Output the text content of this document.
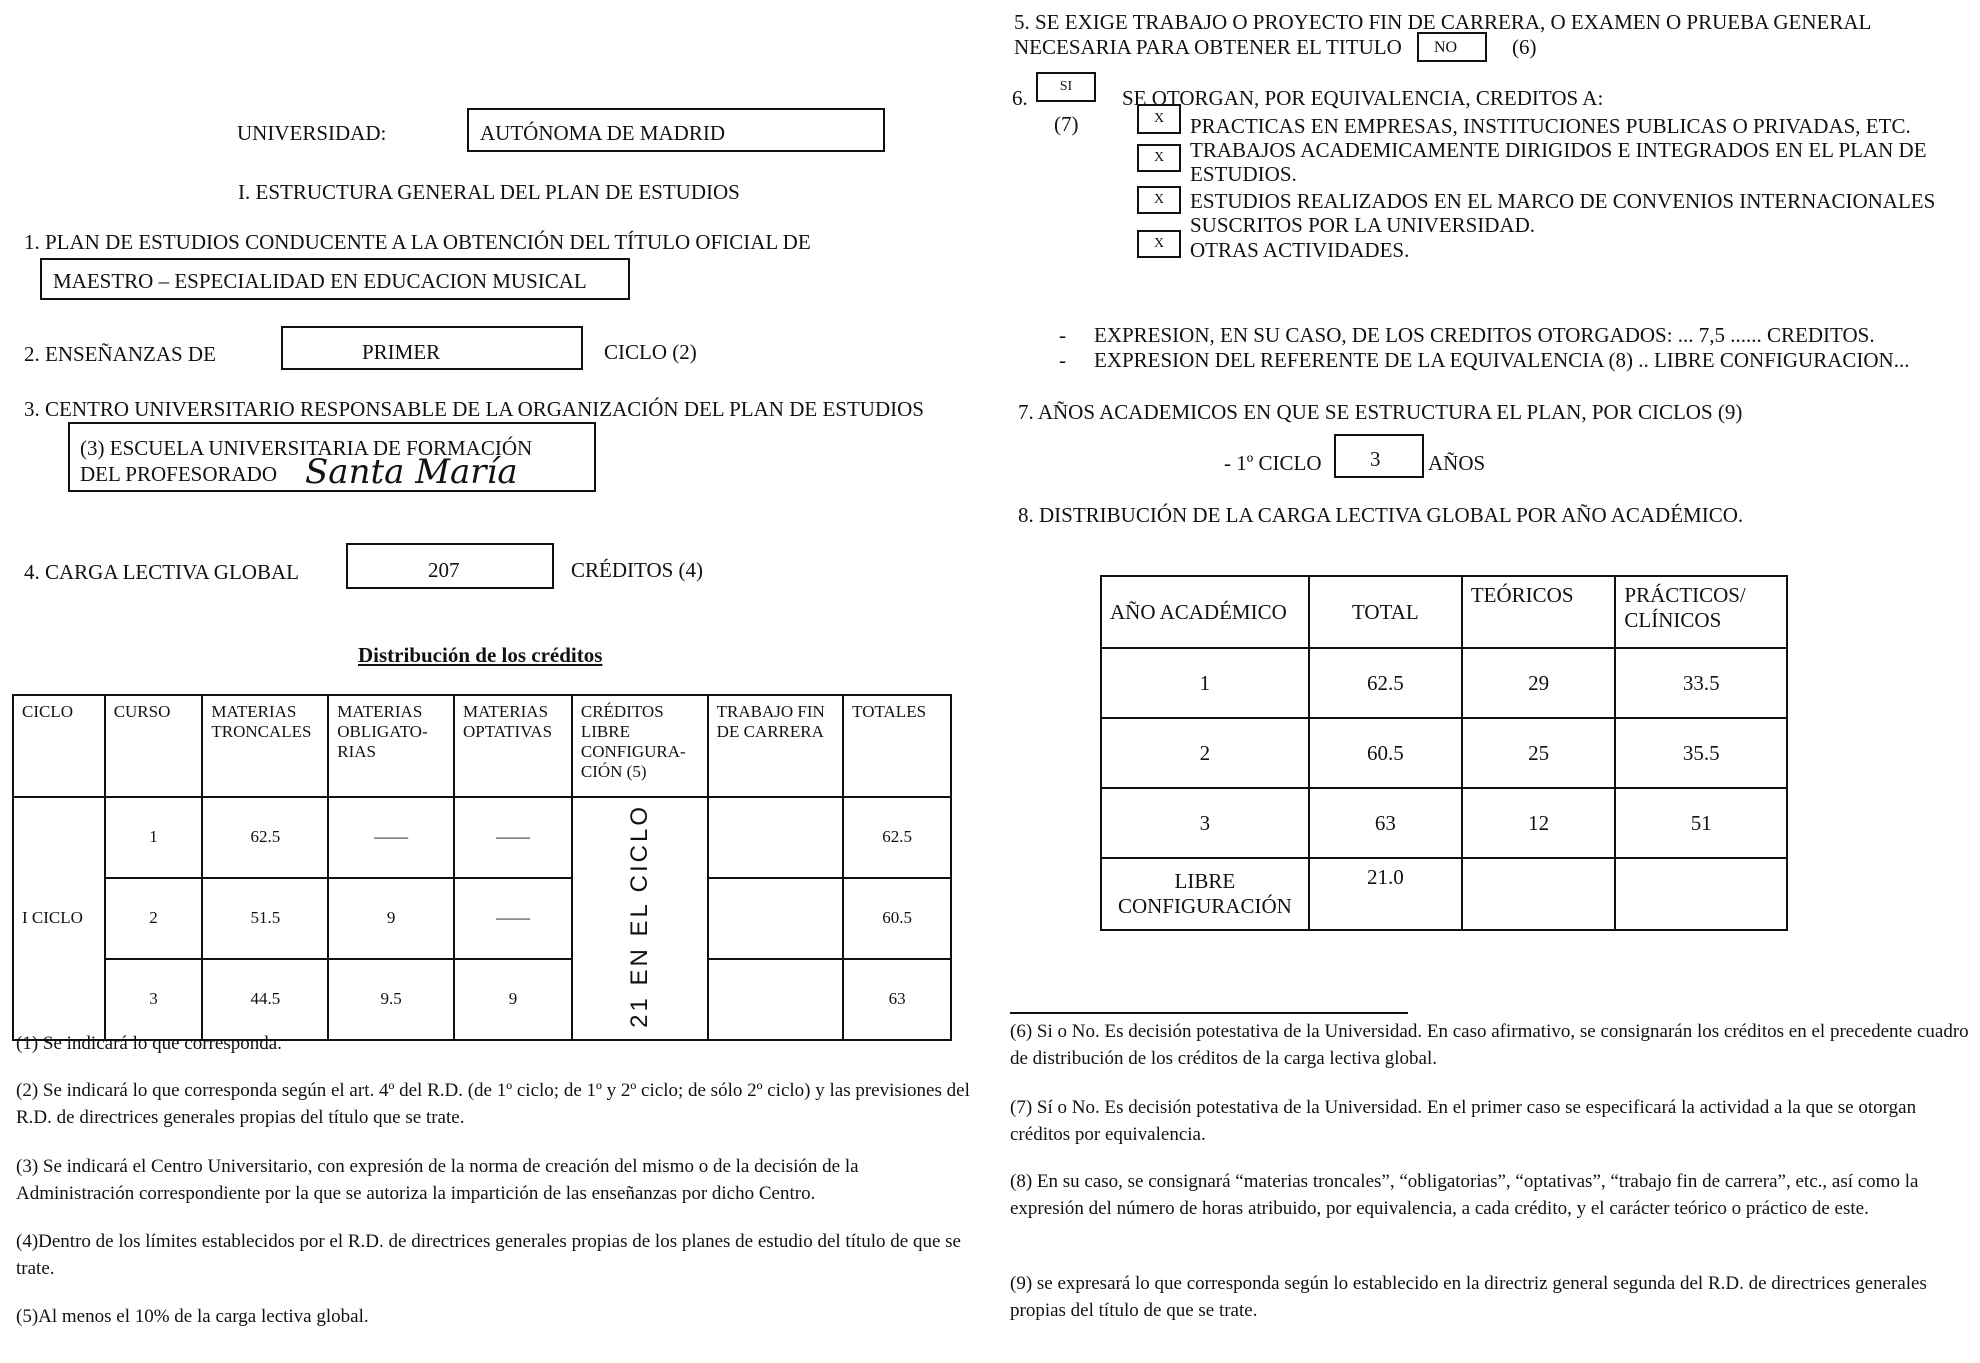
UNIVERSIDAD:	AUTÓNOMA DE MADRID
I. ESTRUCTURA GENERAL DEL PLAN DE ESTUDIOS
1. PLAN DE ESTUDIOS CONDUCENTE A LA OBTENCIÓN DEL TÍTULO OFICIAL DE
MAESTRO – ESPECIALIDAD EN EDUCACION MUSICAL
2. ENSEÑANZAS DE	PRIMER	CICLO (2)
3. CENTRO UNIVERSITARIO RESPONSABLE DE LA ORGANIZACIÓN DEL PLAN DE ESTUDIOS
(3) ESCUELA UNIVERSITARIA DE FORMACIÓN
DEL PROFESORADO Santa María
4. CARGA LECTIVA GLOBAL	207	CRÉDITOS (4)
Distribución de los créditos
CICLO	CURSO	MATERIAS TRONCALES	MATERIAS OBLIGATO-RIAS	MATERIAS OPTATIVAS	CRÉDITOS LIBRE CONFIGURA-CIÓN (5)	TRABAJO FIN DE CARRERA	TOTALES
I CICLO	1	62.5	——	——	21 EN EL CICLO		62.5
	2	51.5	9	——			60.5
	3	44.5	9.5	9			63
(1) Se indicará lo que corresponda.
(2) Se indicará lo que corresponda según el art. 4º del R.D. (de 1º ciclo; de 1º y 2º ciclo; de sólo 2º ciclo) y las previsiones del R.D. de directrices generales propias del título que se trate.
(3) Se indicará el Centro Universitario, con expresión de la norma de creación del mismo o de la decisión de la Administración correspondiente por la que se autoriza la impartición de las enseñanzas por dicho Centro.
(4)Dentro de los límites establecidos por el R.D. de directrices generales propias de los planes de estudio del título de que se trate.
(5)Al menos el 10% de la carga lectiva global.
5. SE EXIGE TRABAJO O PROYECTO FIN DE CARRERA, O EXAMEN O PRUEBA GENERAL
NECESARIA PARA OBTENER EL TITULO NO	(6)
6.	SI
(7)
SE OTORGAN, POR EQUIVALENCIA, CREDITOS A:
X	PRACTICAS EN EMPRESAS, INSTITUCIONES PUBLICAS O PRIVADAS, ETC.
X	TRABAJOS ACADEMICAMENTE DIRIGIDOS E INTEGRADOS EN EL PLAN DE
ESTUDIOS.
X	ESTUDIOS REALIZADOS EN EL MARCO DE CONVENIOS INTERNACIONALES
SUSCRITOS POR LA UNIVERSIDAD.
X	OTRAS ACTIVIDADES.
- EXPRESION, EN SU CASO, DE LOS CREDITOS OTORGADOS: ... 7,5 ...... CREDITOS.
- EXPRESION DEL REFERENTE DE LA EQUIVALENCIA (8) .. LIBRE CONFIGURACION...
7. AÑOS ACADEMICOS EN QUE SE ESTRUCTURA EL PLAN, POR CICLOS (9)
- 1º CICLO 3 AÑOS
8. DISTRIBUCIÓN DE LA CARGA LECTIVA GLOBAL POR AÑO ACADÉMICO.
AÑO ACADÉMICO	TOTAL	TEÓRICOS	PRÁCTICOS/ CLÍNICOS
1	62.5	29	33.5
2	60.5	25	35.5
3	63	12	51
LIBRE CONFIGURACIÓN	21.0		
(6) Si o No. Es decisión potestativa de la Universidad. En caso afirmativo, se consignarán los créditos en el precedente cuadro de distribución de los créditos de la carga lectiva global.
(7) Sí o No. Es decisión potestativa de la Universidad. En el primer caso se especificará la actividad a la que se otorgan créditos por equivalencia.
(8) En su caso, se consignará “materias troncales”, “obligatorias”, “optativas”, “trabajo fin de carrera”, etc., así como la expresión del número de horas atribuido, por equivalencia, a cada crédito, y el carácter teórico o práctico de este.
(9) se expresará lo que corresponda según lo establecido en la directriz general segunda del R.D. de directrices generales propias del título de que se trate.
